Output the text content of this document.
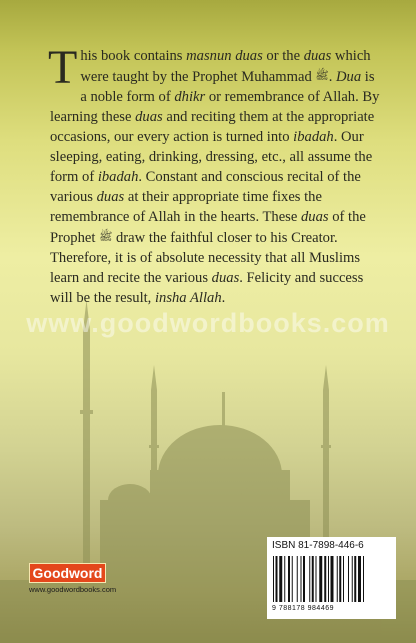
This book contains masnun duas or the duas which were taught by the Prophet Muhammad ﷺ. Dua is a noble form of dhikr or remembrance of Allah. By learning these duas and reciting them at the appropriate occasions, our every action is turned into ibadah. Our sleeping, eating, drinking, dressing, etc., all assume the form of ibadah. Constant and conscious recital of the various duas at their appropriate time fixes the remembrance of Allah in the hearts. These duas of the Prophet ﷺ draw the faithful closer to his Creator. Therefore, it is of absolute necessity that all Muslims learn and recite the various duas. Felicity and success will be the result, insha Allah.

www.goodwordbooks.com
ISBN 81-7898-446-6
9 788178 984469
Goodword
www.goodwordbooks.com
